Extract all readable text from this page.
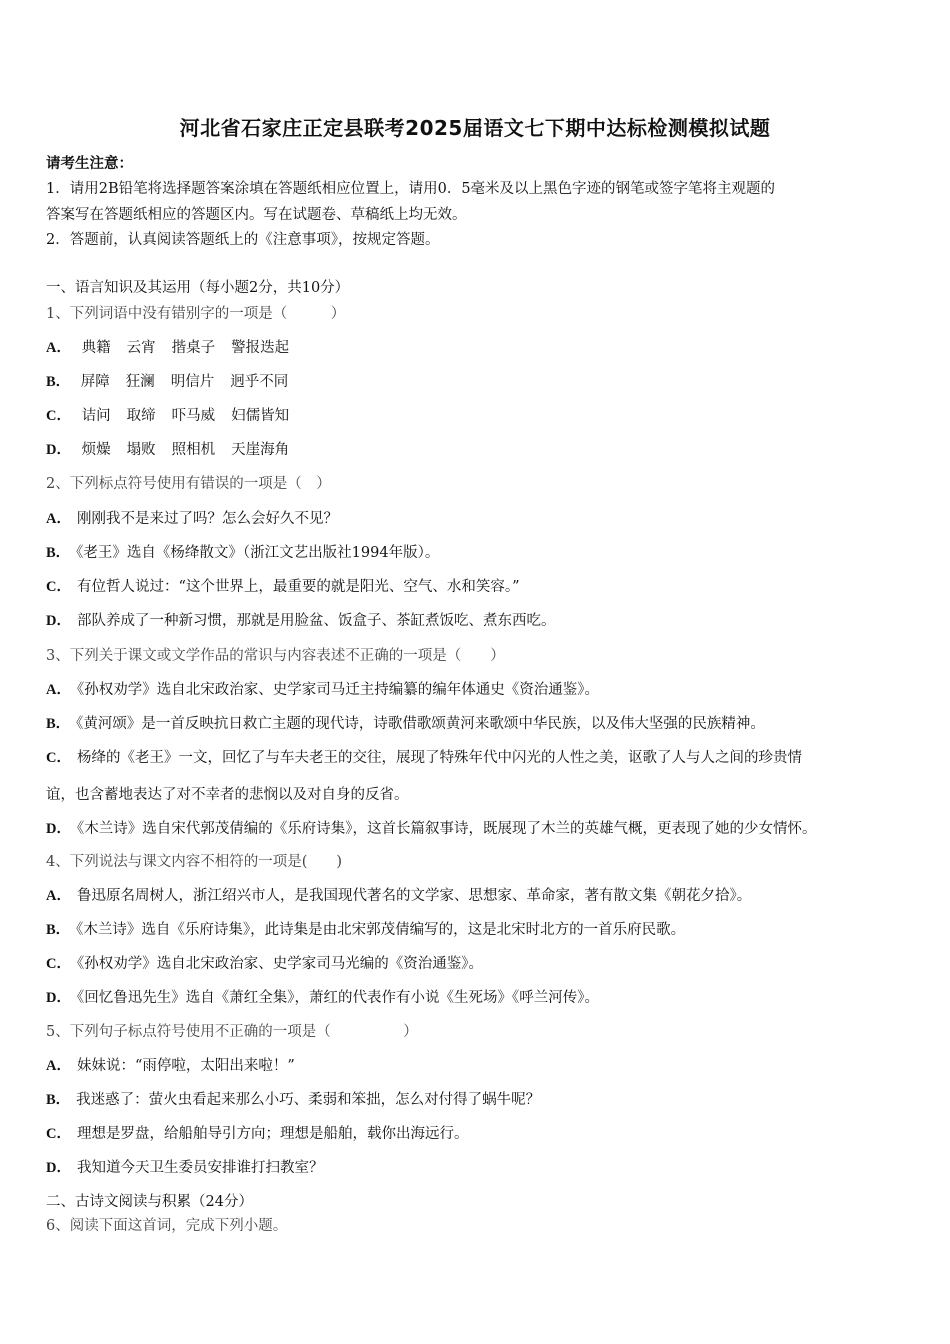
河北省石家庄正定县联考2025届语文七下期中达标检测模拟试题
请考生注意：
1．请用2B铅笔将选择题答案涂填在答题纸相应位置上，请用0．5毫米及以上黑色字迹的钢笔或签字笔将主观题的
答案写在答题纸相应的答题区内。写在试题卷、草稿纸上均无效。
2．答题前，认真阅读答题纸上的《注意事项》，按规定答题。
一、语言知识及其运用（每小题2分，共10分）
1、下列词语中没有错别字的一项是（　　　）
A． 典籍 云宵 揩桌子 警报迭起
B． 屏障 狂澜 明信片 迥乎不同
C． 诘问 取缔 吓马威 妇儒皆知
D． 烦燥 塌败 照相机 天崖海角
2、下列标点符号使用有错误的一项是（　）
A． 刚刚我不是来过了吗？怎么会好久不见？
B． 《老王》选自《杨绛散文》（浙江文艺出版社1994年版）。
C． 有位哲人说过：“这个世界上，最重要的就是阳光、空气、水和笑容。”
D． 部队养成了一种新习惯，那就是用脸盆、饭盒子、茶缸煮饭吃、煮东西吃。
3、下列关于课文或文学作品的常识与内容表述不正确的一项是（　　）
A． 《孙权劝学》选自北宋政治家、史学家司马迁主持编纂的编年体通史《资治通鉴》。
B． 《黄河颂》是一首反映抗日救亡主题的现代诗，诗歌借歌颂黄河来歌颂中华民族，以及伟大坚强的民族精神。
C． 杨绛的《老王》一文，回忆了与车夫老王的交往，展现了特殊年代中闪光的人性之美，讴歌了人与人之间的珍贵情
谊，也含蓄地表达了对不幸者的悲悯以及对自身的反省。
D． 《木兰诗》选自宋代郭茂倩编的《乐府诗集》，这首长篇叙事诗，既展现了木兰的英雄气概，更表现了她的少女情怀。
4、下列说法与课文内容不相符的一项是(　　)
A． 鲁迅原名周树人，浙江绍兴市人，是我国现代著名的文学家、思想家、革命家，著有散文集《朝花夕拾》。
B． 《木兰诗》选自《乐府诗集》，此诗集是由北宋郭茂倩编写的，这是北宋时北方的一首乐府民歌。
C． 《孙权劝学》选自北宋政治家、史学家司马光编的《资治通鉴》。
D． 《回忆鲁迅先生》选自《萧红全集》，萧红的代表作有小说《生死场》《呼兰河传》。
5、下列句子标点符号使用不正确的一项是（　　　　　）
A． 妹妹说：“雨停啦，太阳出来啦！”
B． 我迷惑了：萤火虫看起来那么小巧、柔弱和笨拙，怎么对付得了蜗牛呢？
C． 理想是罗盘，给船舶导引方向；理想是船舶，载你出海远行。
D． 我知道今天卫生委员安排谁打扫教室？
二、古诗文阅读与积累（24分）
6、阅读下面这首词，完成下列小题。
